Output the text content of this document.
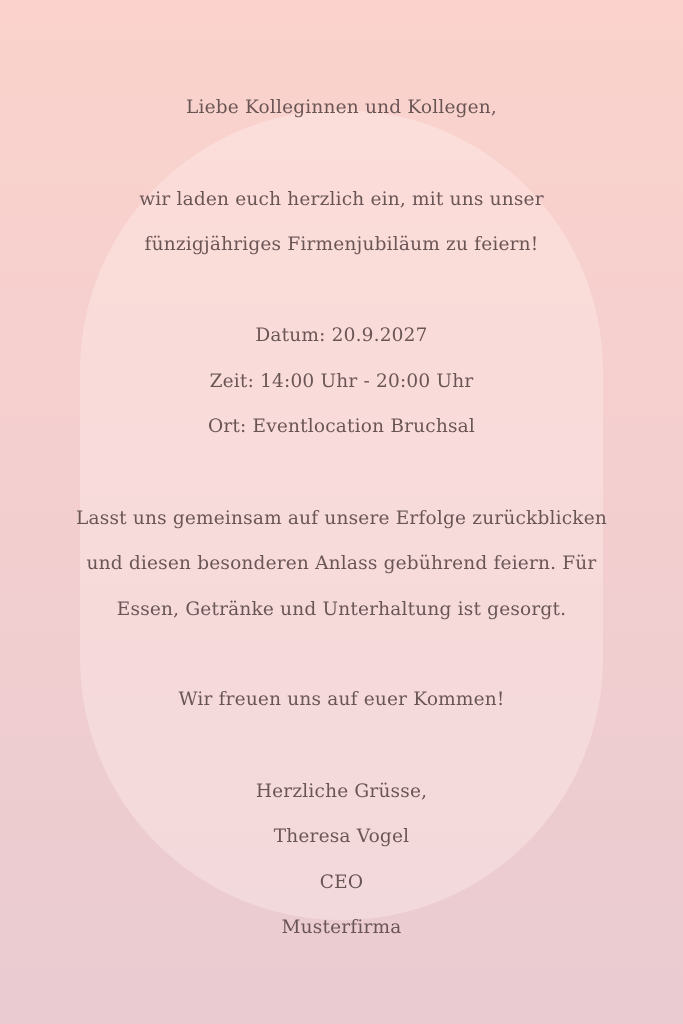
Liebe Kolleginnen und Kollegen,
wir laden euch herzlich ein, mit uns unser
fünzigjähriges Firmenjubiläum zu feiern!
Datum: 20.9.2027
Zeit: 14:00 Uhr - 20:00 Uhr
Ort: Eventlocation Bruchsal
Lasst uns gemeinsam auf unsere Erfolge zurückblicken
und diesen besonderen Anlass gebührend feiern. Für
Essen, Getränke und Unterhaltung ist gesorgt.
Wir freuen uns auf euer Kommen!
Herzliche Grüsse,
Theresa Vogel
CEO
Musterfirma
